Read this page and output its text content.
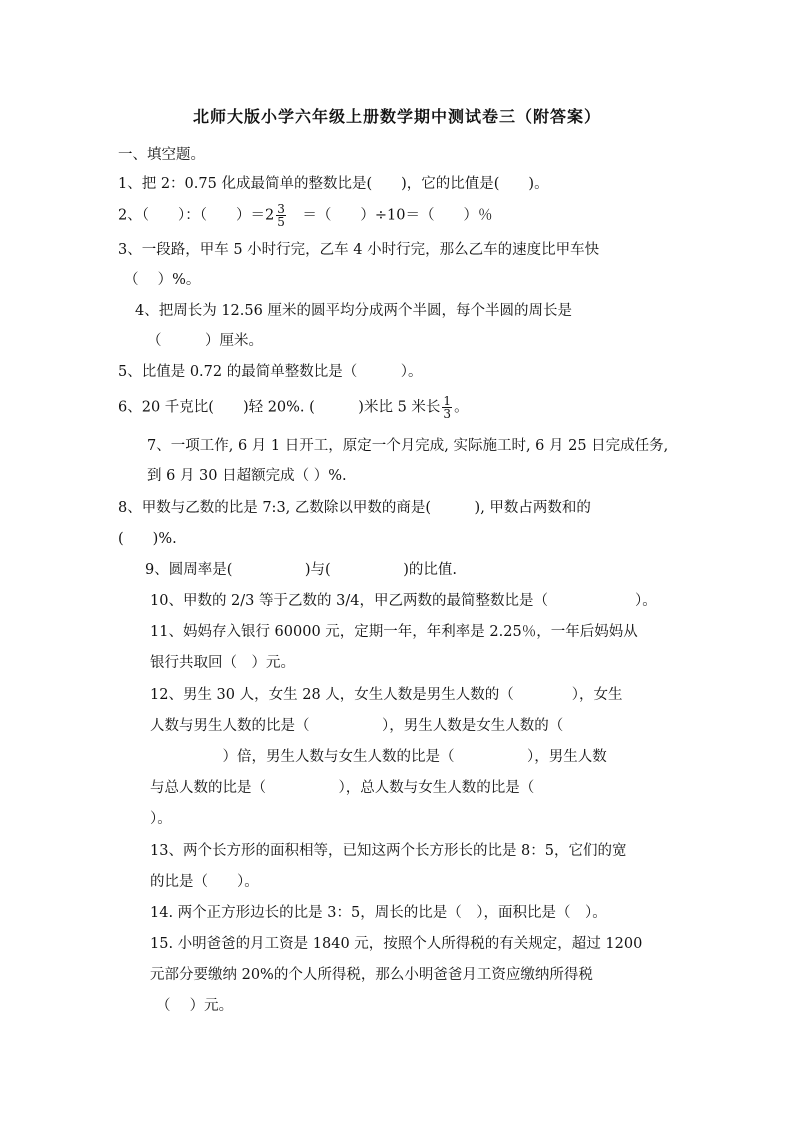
北师大版小学六年级上册数学期中测试卷三（附答案）
一、填空题。
1、把 2：0.75 化成最简单的整数比是(　　)，它的比值是(　　)。
2、（　　）：（　　）$=2 \frac{3}{5}$ 　＝（　　）÷10＝（　　）％
3、一段路，甲车 5 小时行完，乙车 4 小时行完，那么乙车的速度比甲车快
（　 ）%。
4、把周长为 12.56 厘米的圆平均分成两个半圆，每个半圆的周长是
（　　　）厘米。
5、比值是 0.72 的最简单整数比是（　　　）。
6、20 千克比(　　)轻 20%. (　　　)米比 5 米长 $\frac{1}{3}$ 。
7、一项工作, 6 月 1 日开工，原定一个月完成, 实际施工时, 6 月 25 日完成任务,
到 6 月 30 日超额完成（ ）%.
8、甲数与乙数的比是 7:3, 乙数除以甲数的商是(　　　), 甲数占两数和的
(　　)%.
9、圆周率是(　　　　　)与(　　　　　)的比值.
10、甲数的 2/3 等于乙数的 3/4，甲乙两数的最简整数比是（　　　　　　）。
11、妈妈存入银行 60000 元，定期一年，年利率是 2.25％，一年后妈妈从
银行共取回（　）元。
12、男生 30 人，女生 28 人，女生人数是男生人数的（　　　　），女生
人数与男生人数的比是（　　　　　），男生人数是女生人数的（
　　　　　）倍，男生人数与女生人数的比是（　　　　　），男生人数
与总人数的比是（　　　　　），总人数与女生人数的比是（
）。
13、两个长方形的面积相等，已知这两个长方形长的比是 8：5，它们的宽
的比是（　　）。
14. 两个正方形边长的比是 3：5，周长的比是（　），面积比是（　）。
15. 小明爸爸的月工资是 1840 元，按照个人所得税的有关规定，超过 1200
元部分要缴纳 20%的个人所得税，那么小明爸爸月工资应缴纳所得税
（　 ）元。
